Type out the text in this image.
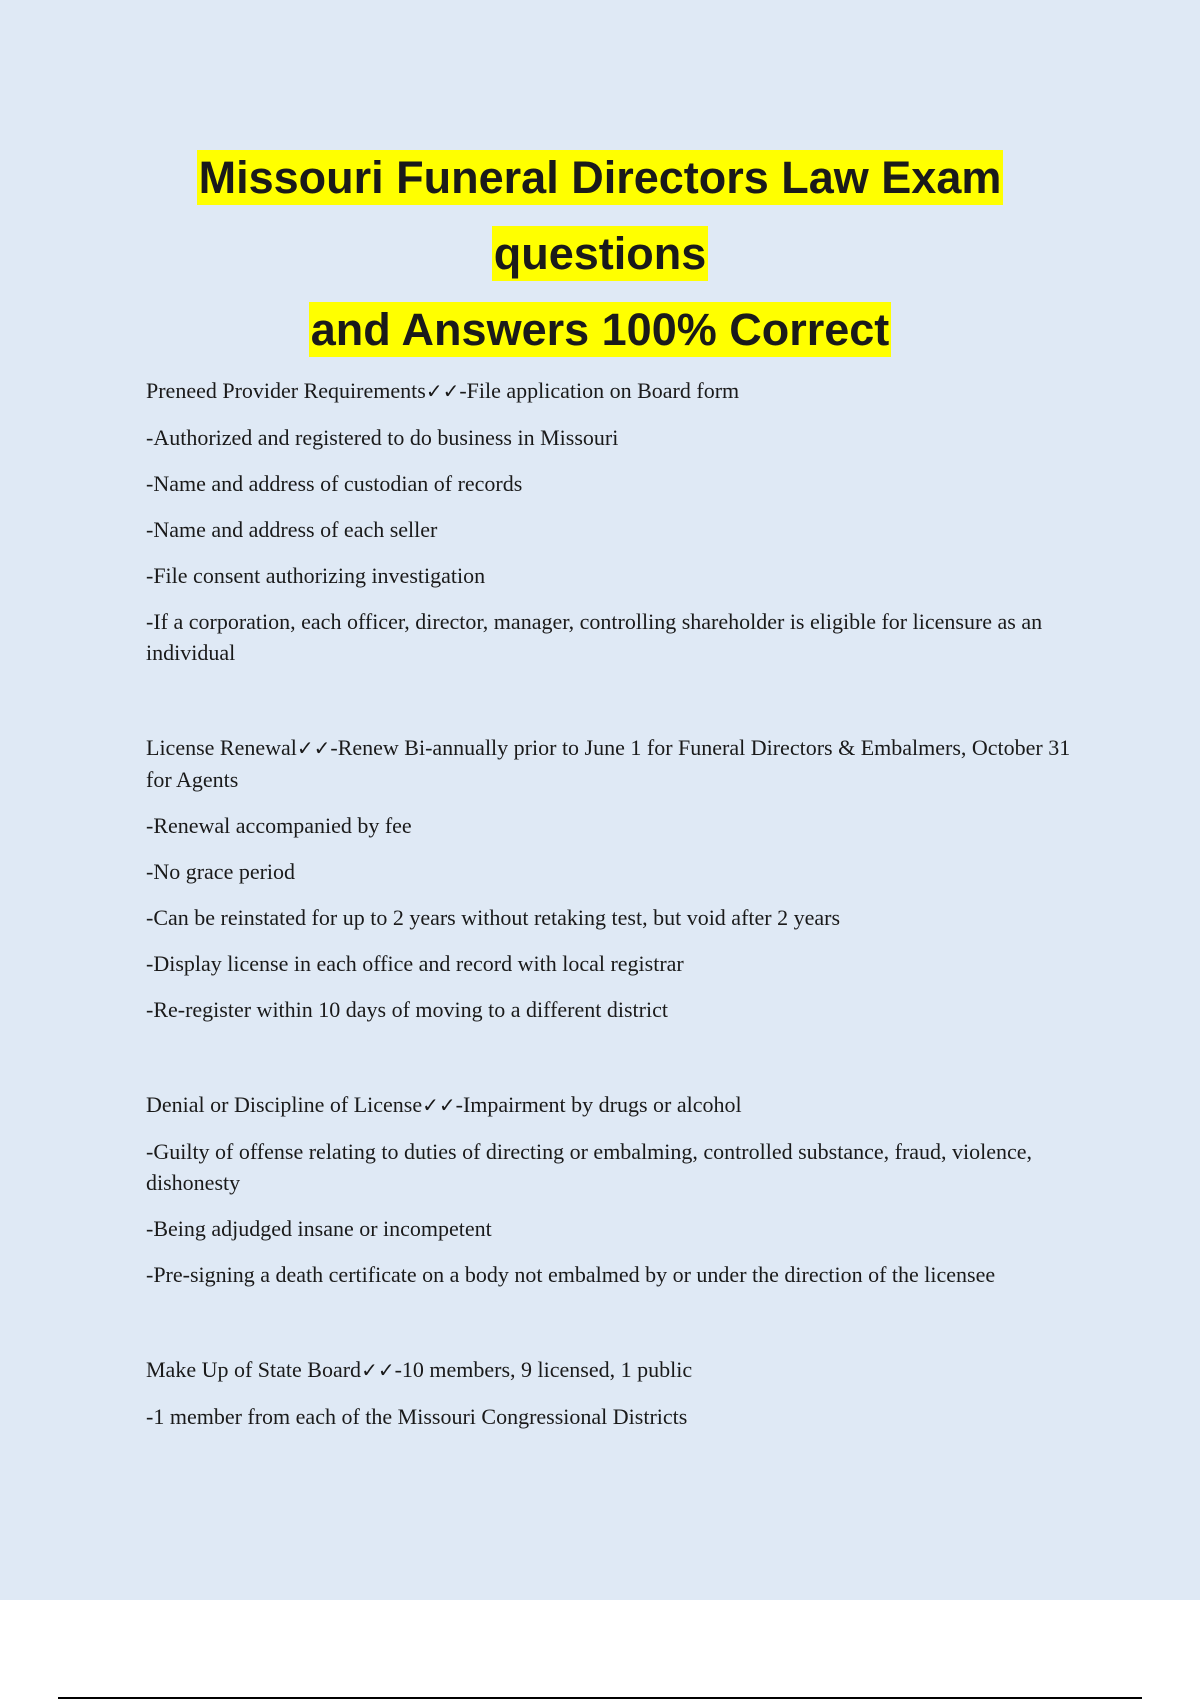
Missouri Funeral Directors Law Exam
questions
and Answers 100% Correct
Preneed Provider Requirements✓✓-File application on Board form
-Authorized and registered to do business in Missouri
-Name and address of custodian of records
-Name and address of each seller
-File consent authorizing investigation
-If a corporation, each officer, director, manager, controlling shareholder is eligible for licensure as an individual
License Renewal✓✓-Renew Bi-annually prior to June 1 for Funeral Directors & Embalmers, October 31 for Agents
-Renewal accompanied by fee
-No grace period
-Can be reinstated for up to 2 years without retaking test, but void after 2 years
-Display license in each office and record with local registrar
-Re-register within 10 days of moving to a different district
Denial or Discipline of License✓✓-Impairment by drugs or alcohol
-Guilty of offense relating to duties of directing or embalming, controlled substance, fraud, violence, dishonesty
-Being adjudged insane or incompetent
-Pre-signing a death certificate on a body not embalmed by or under the direction of the licensee
Make Up of State Board✓✓-10 members, 9 licensed, 1 public
-1 member from each of the Missouri Congressional Districts
